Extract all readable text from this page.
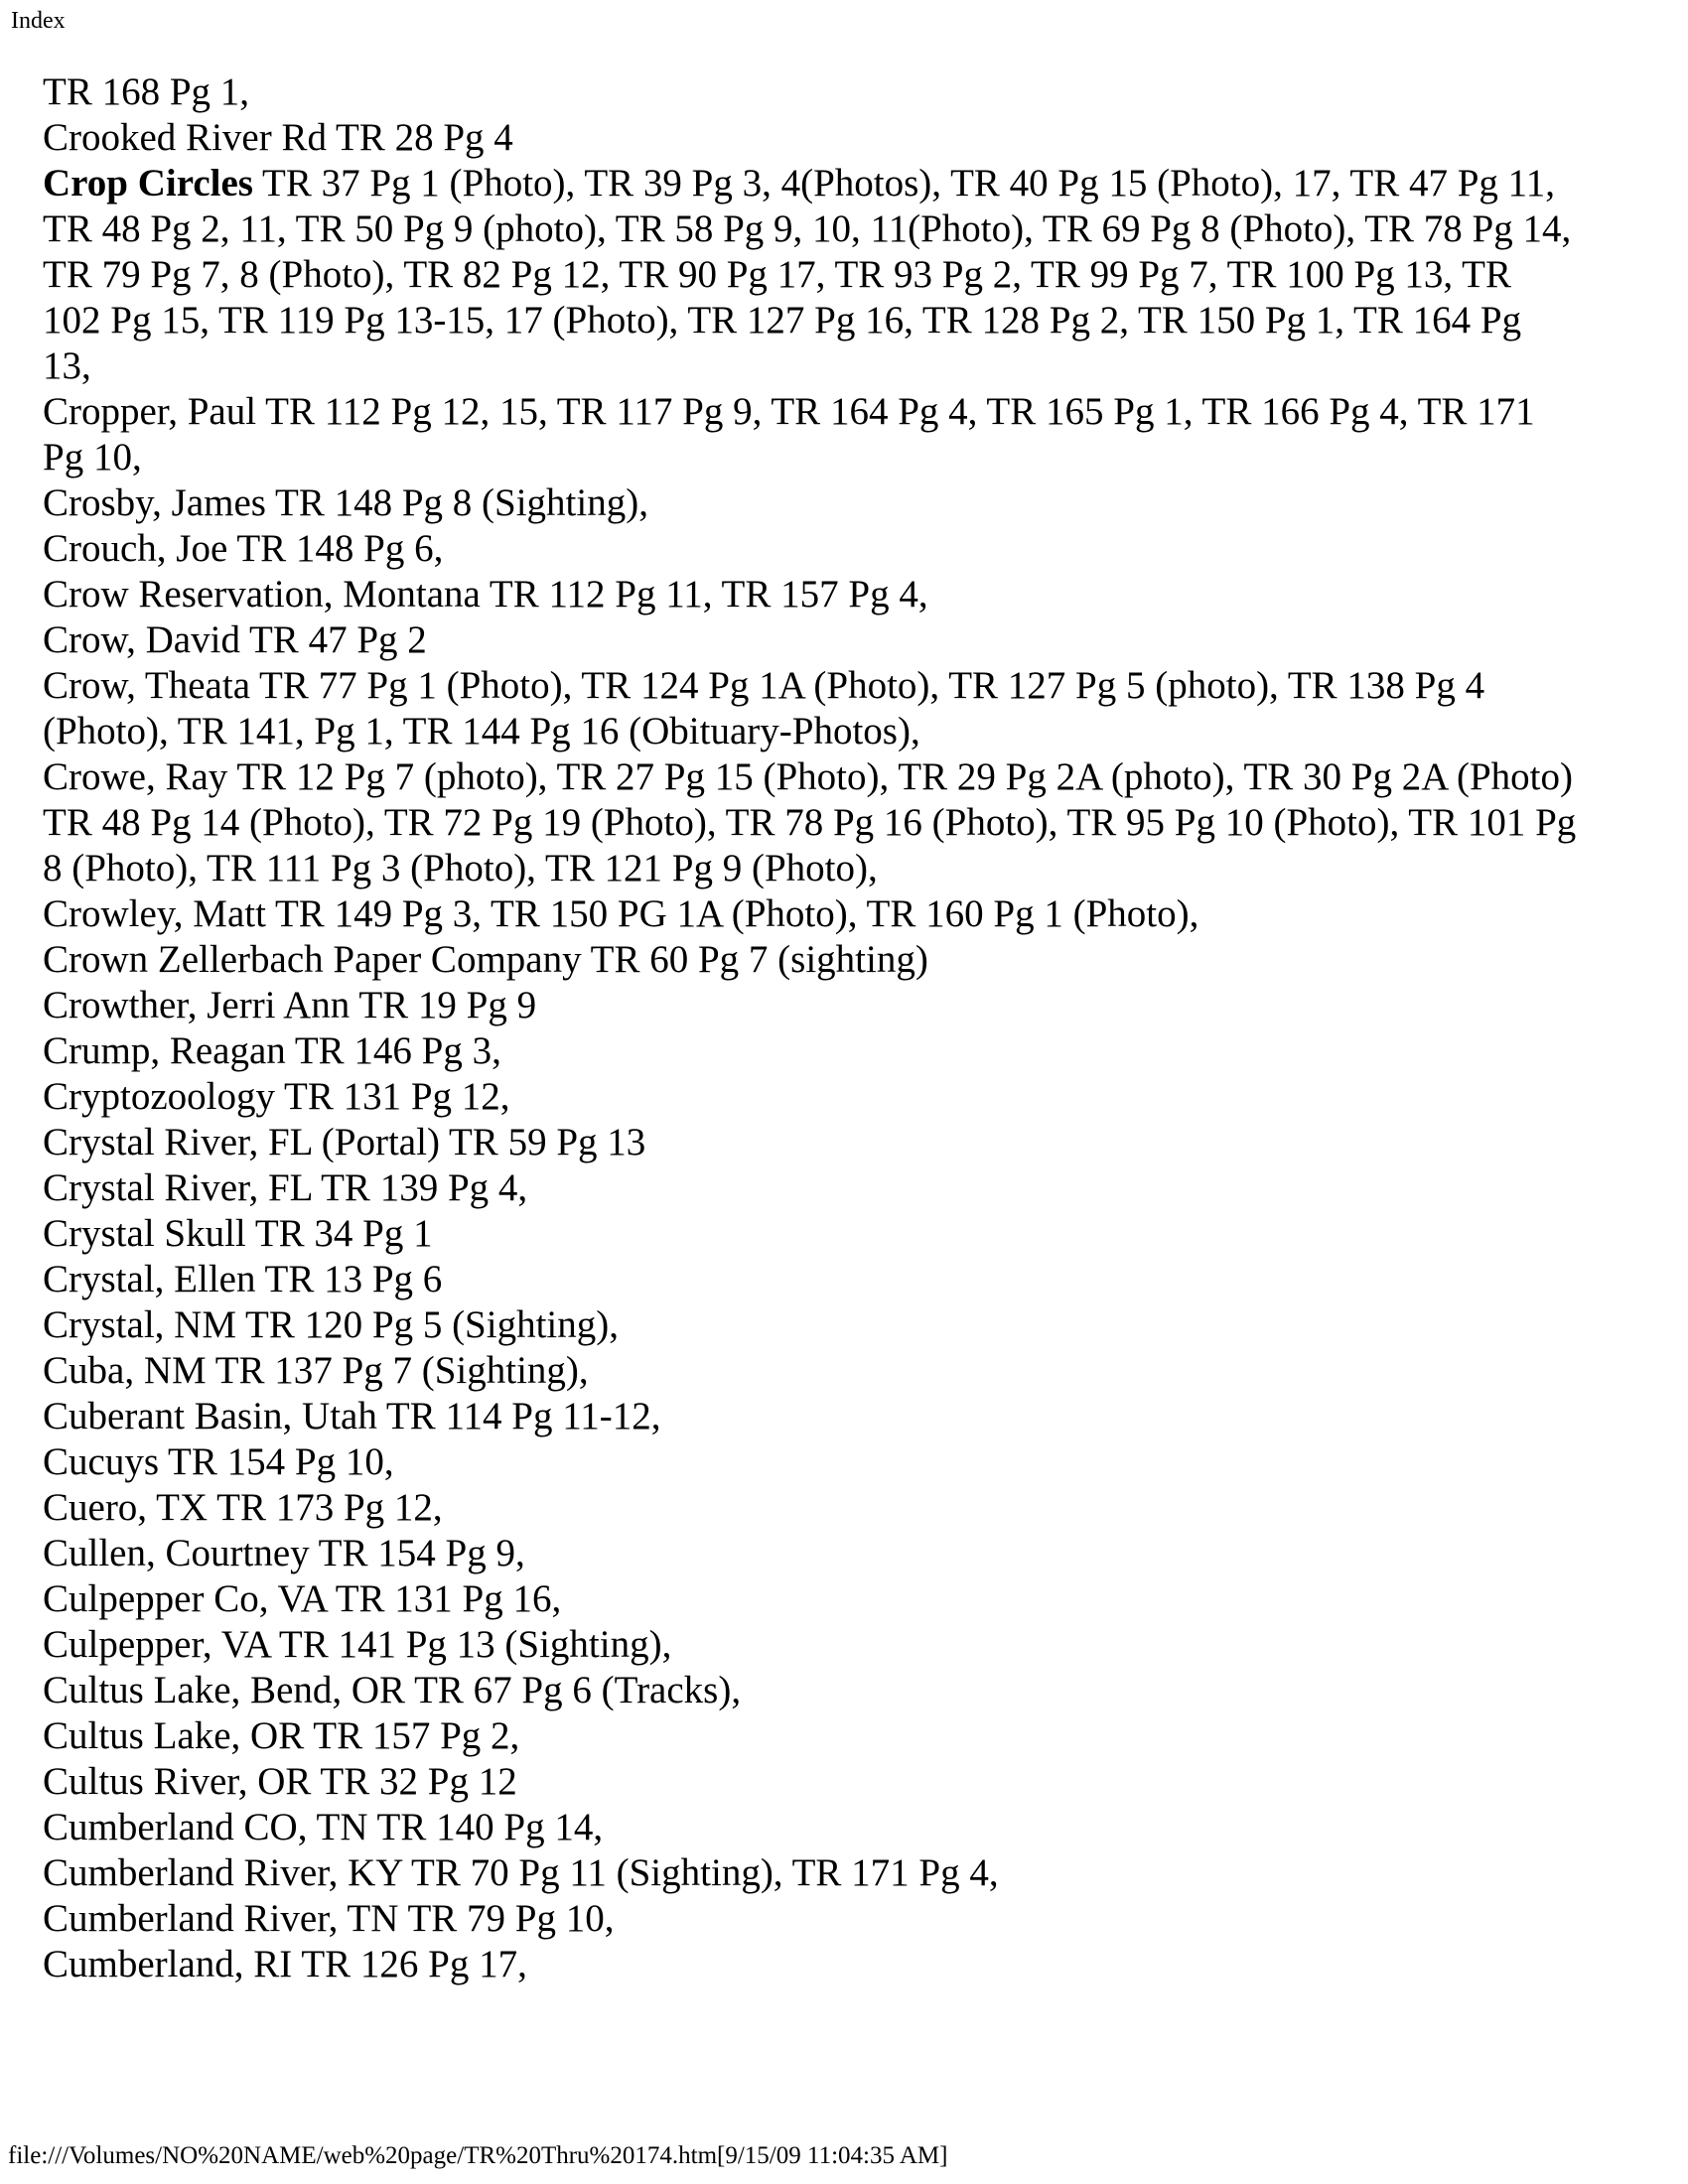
Index
TR 168 Pg 1,
Crooked River Rd TR 28 Pg 4
Crop Circles TR 37 Pg 1 (Photo), TR 39 Pg 3, 4(Photos), TR 40 Pg 15 (Photo), 17, TR 47 Pg 11,
TR 48 Pg 2, 11, TR 50 Pg 9 (photo), TR 58 Pg 9, 10, 11(Photo), TR 69 Pg 8 (Photo), TR 78 Pg 14,
TR 79 Pg 7, 8 (Photo), TR 82 Pg 12, TR 90 Pg 17, TR 93 Pg 2, TR 99 Pg 7, TR 100 Pg 13, TR
102 Pg 15, TR 119 Pg 13-15, 17 (Photo), TR 127 Pg 16, TR 128 Pg 2, TR 150 Pg 1, TR 164 Pg
13,
Cropper, Paul TR 112 Pg 12, 15, TR 117 Pg 9, TR 164 Pg 4, TR 165 Pg 1, TR 166 Pg 4, TR 171
Pg 10,
Crosby, James TR 148 Pg 8 (Sighting),
Crouch, Joe TR 148 Pg 6,
Crow Reservation, Montana TR 112 Pg 11, TR 157 Pg 4,
Crow, David TR 47 Pg 2
Crow, Theata TR 77 Pg 1 (Photo), TR 124 Pg 1A (Photo), TR 127 Pg 5 (photo), TR 138 Pg 4
(Photo), TR 141, Pg 1, TR 144 Pg 16 (Obituary-Photos),
Crowe, Ray TR 12 Pg 7 (photo), TR 27 Pg 15 (Photo), TR 29 Pg 2A (photo), TR 30 Pg 2A (Photo)
TR 48 Pg 14 (Photo), TR 72 Pg 19 (Photo), TR 78 Pg 16 (Photo), TR 95 Pg 10 (Photo), TR 101 Pg
8 (Photo), TR 111 Pg 3 (Photo), TR 121 Pg 9 (Photo),
Crowley, Matt TR 149 Pg 3, TR 150 PG 1A (Photo), TR 160 Pg 1 (Photo),
Crown Zellerbach Paper Company TR 60 Pg 7 (sighting)
Crowther, Jerri Ann TR 19 Pg 9
Crump, Reagan TR 146 Pg 3,
Cryptozoology TR 131 Pg 12,
Crystal River, FL (Portal) TR 59 Pg 13
Crystal River, FL TR 139 Pg 4,
Crystal Skull TR 34 Pg 1
Crystal, Ellen TR 13 Pg 6
Crystal, NM TR 120 Pg 5 (Sighting),
Cuba, NM TR 137 Pg 7 (Sighting),
Cuberant Basin, Utah TR 114 Pg 11-12,
Cucuys TR 154 Pg 10,
Cuero, TX TR 173 Pg 12,
Cullen, Courtney TR 154 Pg 9,
Culpepper Co, VA TR 131 Pg 16,
Culpepper, VA TR 141 Pg 13 (Sighting),
Cultus Lake, Bend, OR TR 67 Pg 6 (Tracks),
Cultus Lake, OR TR 157 Pg 2,
Cultus River, OR TR 32 Pg 12
Cumberland CO, TN TR 140 Pg 14,
Cumberland River, KY TR 70 Pg 11 (Sighting), TR 171 Pg 4,
Cumberland River, TN TR 79 Pg 10,
Cumberland, RI TR 126 Pg 17,
file:///Volumes/NO%20NAME/web%20page/TR%20Thru%20174.htm[9/15/09 11:04:35 AM]
